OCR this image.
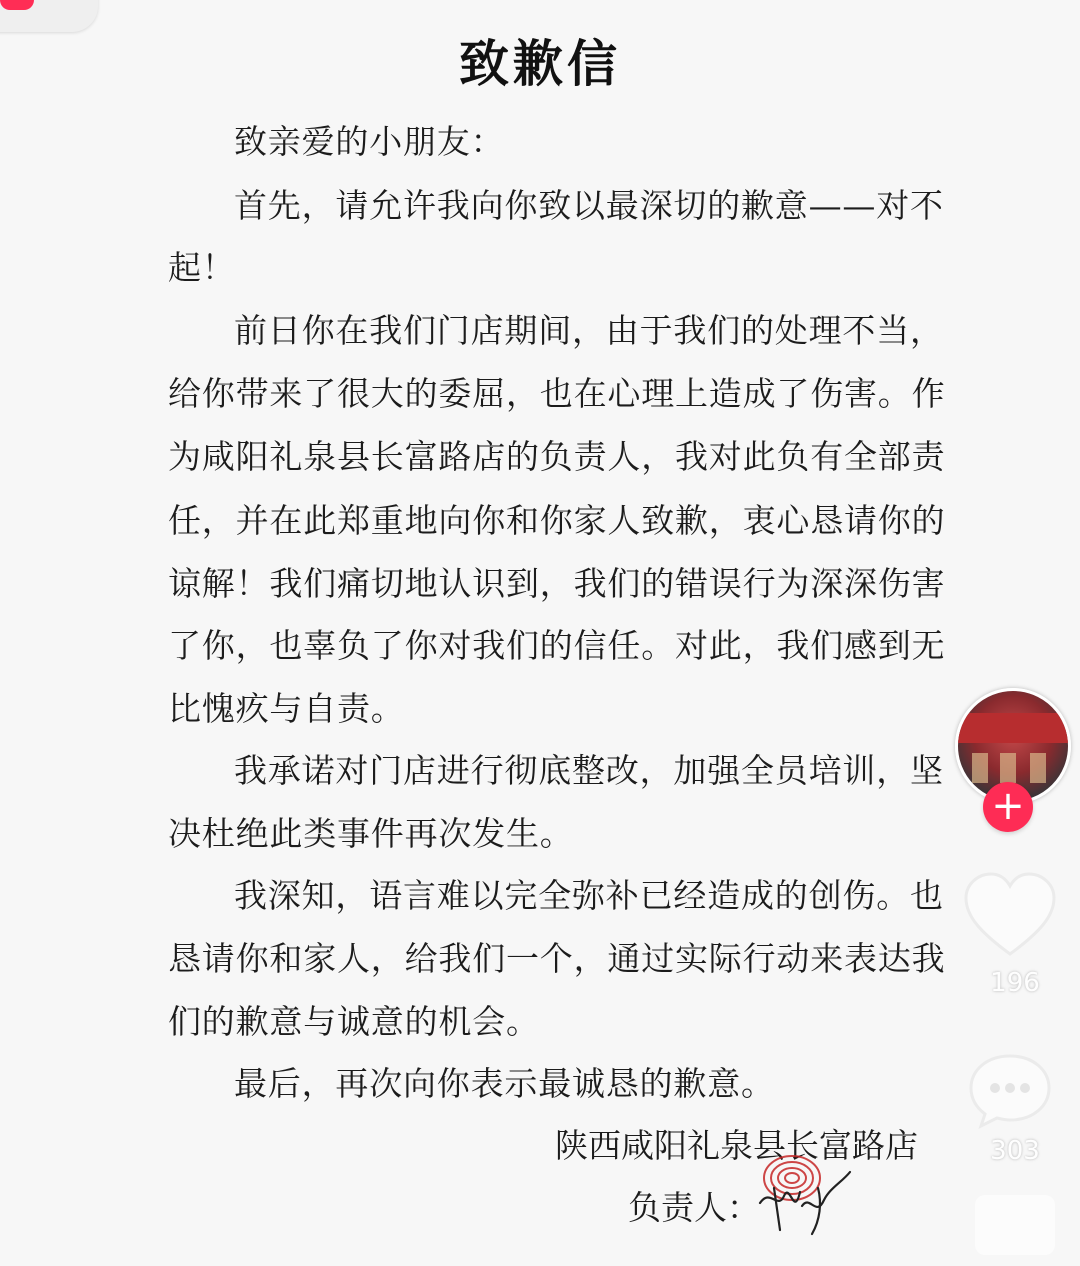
致歉信
致亲爱的小朋友：
首先，请允许我向你致以最深切的歉意——对不
起！
前日你在我们门店期间，由于我们的处理不当，
给你带来了很大的委屈，也在心理上造成了伤害。作
为咸阳礼泉县长富路店的负责人，我对此负有全部责
任，并在此郑重地向你和你家人致歉，衷心恳请你的
谅解！我们痛切地认识到，我们的错误行为深深伤害
了你，也辜负了你对我们的信任。对此，我们感到无
比愧疚与自责。
我承诺对门店进行彻底整改，加强全员培训，坚
决杜绝此类事件再次发生。
我深知，语言难以完全弥补已经造成的创伤。也
恳请你和家人，给我们一个，通过实际行动来表达我
们的歉意与诚意的机会。
最后，再次向你表示最诚恳的歉意。
陕西咸阳礼泉县长富路店
负责人：
+
196
303
